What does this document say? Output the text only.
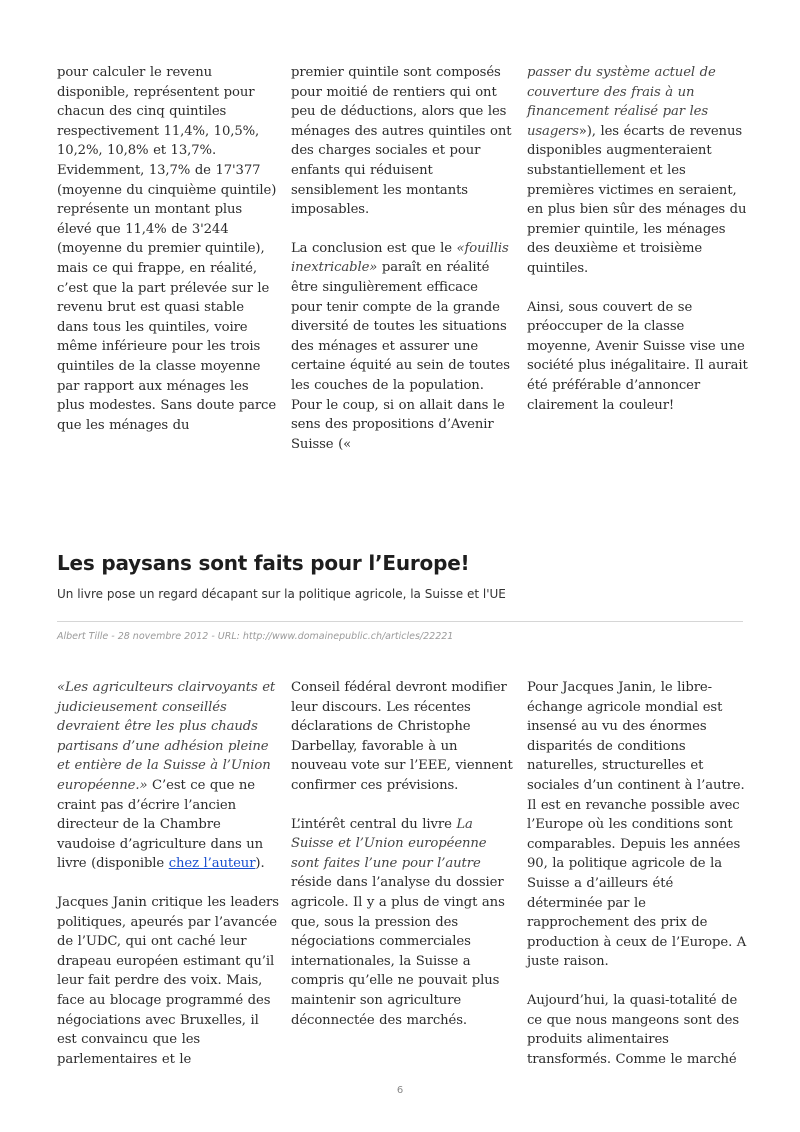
pour calculer le revenu disponible, représentent pour chacun des cinq quintiles respectivement 11,4%, 10,5%, 10,2%, 10,8% et 13,7%. Evidemment, 13,7% de 17'377 (moyenne du cinquième quintile) représente un montant plus élevé que 11,4% de 3'244 (moyenne du premier quintile), mais ce qui frappe, en réalité, c’est que la part prélevée sur le revenu brut est quasi stable dans tous les quintiles, voire même inférieure pour les trois quintiles de la classe moyenne par rapport aux ménages les plus modestes. Sans doute parce que les ménages du

premier quintile sont composés pour moitié de rentiers qui ont peu de déductions, alors que les ménages des autres quintiles ont des charges sociales et pour enfants qui réduisent sensiblement les montants imposables.

La conclusion est que le «fouillis inextricable» paraît en réalité être singulièrement efficace pour tenir compte de la grande diversité de toutes les situations des ménages et assurer une certaine équité au sein de toutes les couches de la population. Pour le coup, si on allait dans le sens des propositions d’Avenir Suisse («

passer du système actuel de couverture des frais à un financement réalisé par les usagers»), les écarts de revenus disponibles augmenteraient substantiellement et les premières victimes en seraient, en plus bien sûr des ménages du premier quintile, les ménages des deuxième et troisième quintiles.

Ainsi, sous couvert de se préoccuper de la classe moyenne, Avenir Suisse vise une société plus inégalitaire. Il aurait été préférable d’annoncer clairement la couleur!

Les paysans sont faits pour l’Europe!
Un livre pose un regard décapant sur la politique agricole, la Suisse et l'UE
Albert Tille - 28 novembre 2012 - URL: http://www.domainepublic.ch/articles/22221

«Les agriculteurs clairvoyants et judicieusement conseillés devraient être les plus chauds partisans d’une adhésion pleine et entière de la Suisse à l’Union européenne.» C’est ce que ne craint pas d’écrire l’ancien directeur de la Chambre vaudoise d’agriculture dans un livre (disponible chez l’auteur).

Jacques Janin critique les leaders politiques, apeurés par l’avancée de l’UDC, qui ont caché leur drapeau européen estimant qu’il leur fait perdre des voix. Mais, face au blocage programmé des négociations avec Bruxelles, il est convaincu que les parlementaires et le

Conseil fédéral devront modifier leur discours. Les récentes déclarations de Christophe Darbellay, favorable à un nouveau vote sur l’EEE, viennent confirmer ces prévisions.

L’intérêt central du livre La Suisse et l’Union européenne sont faites l’une pour l’autre réside dans l’analyse du dossier agricole. Il y a plus de vingt ans que, sous la pression des négociations commerciales internationales, la Suisse a compris qu’elle ne pouvait plus maintenir son agriculture déconnectée des marchés.

Pour Jacques Janin, le libre-échange agricole mondial est insensé au vu des énormes disparités de conditions naturelles, structurelles et sociales d’un continent à l’autre. Il est en revanche possible avec l’Europe où les conditions sont comparables. Depuis les années 90, la politique agricole de la Suisse a d’ailleurs été déterminée par le rapprochement des prix de production à ceux de l’Europe. A juste raison.

Aujourd’hui, la quasi-totalité de ce que nous mangeons sont des produits alimentaires transformés. Comme le marché

6
